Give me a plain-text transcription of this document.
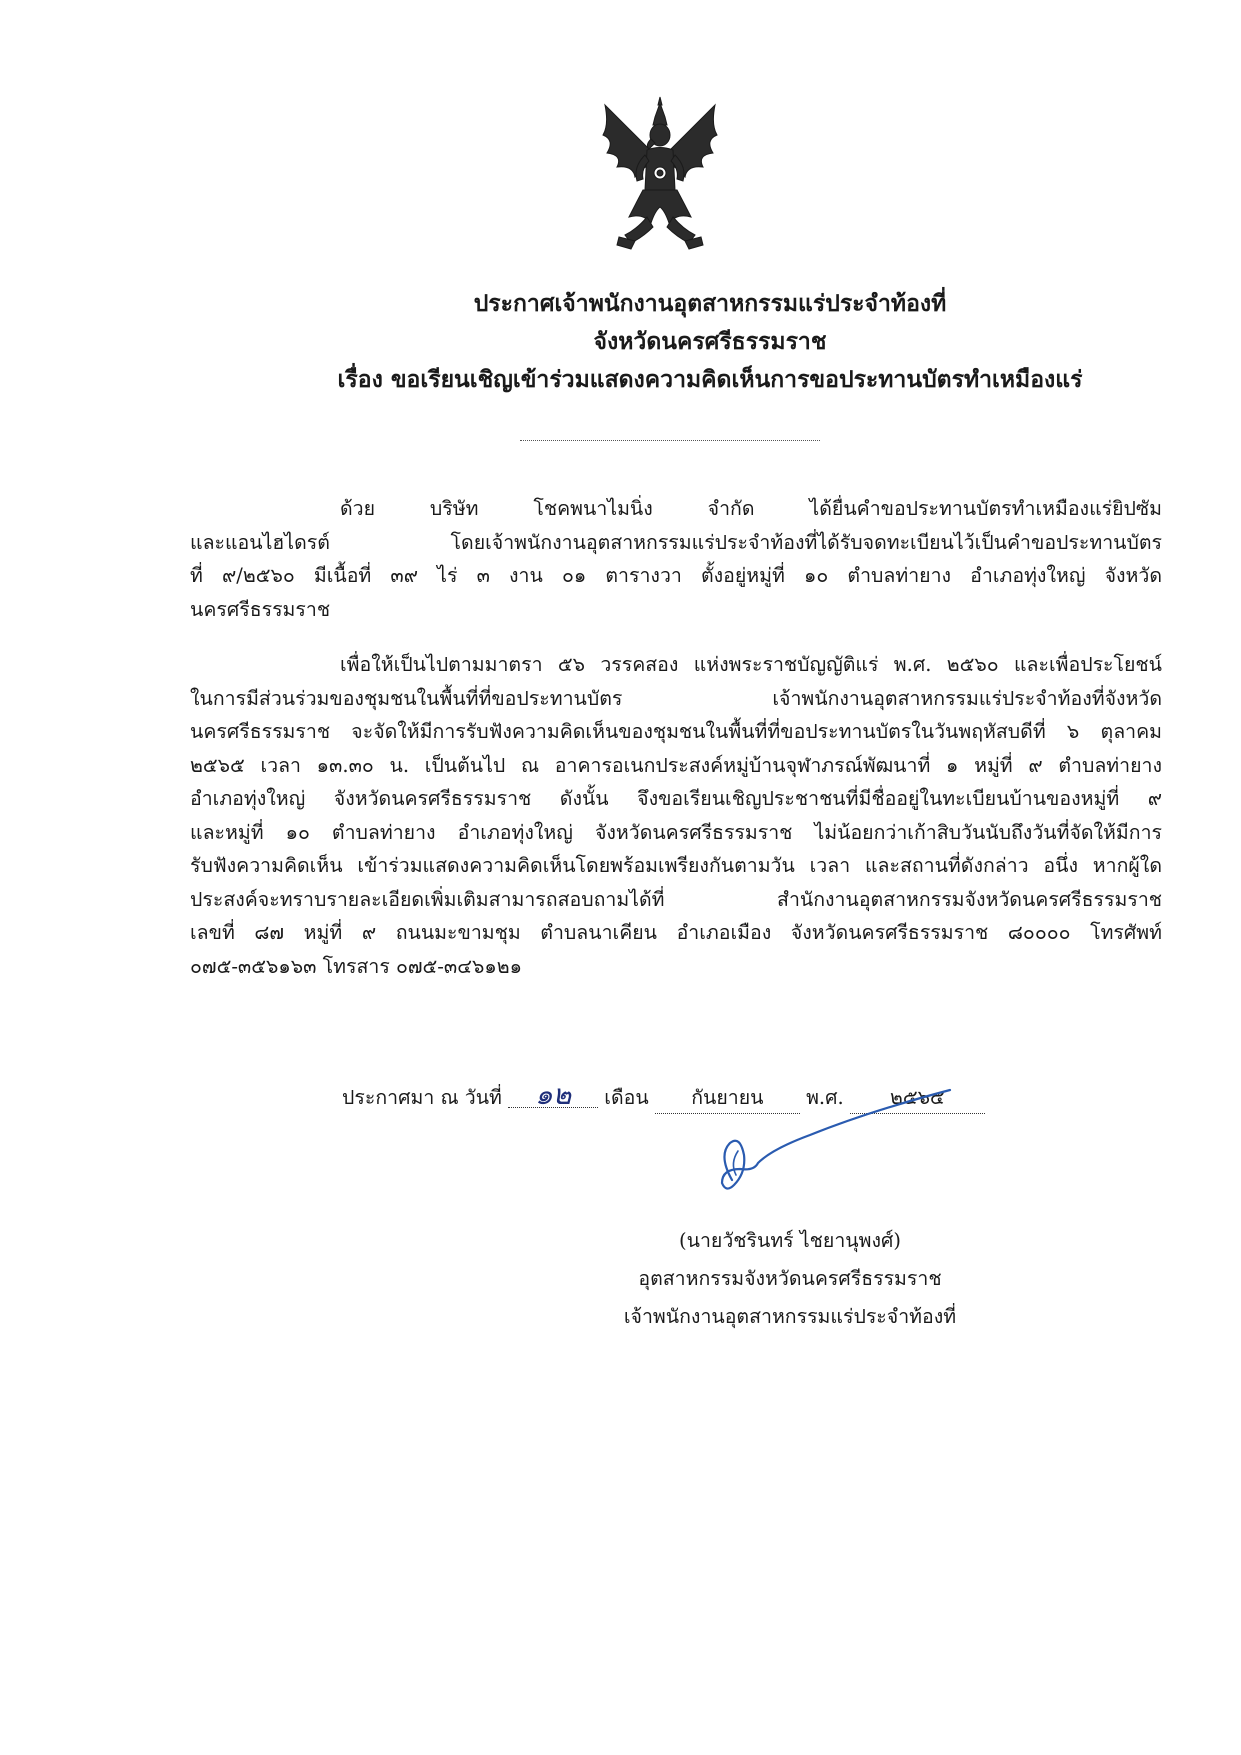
ประกาศเจ้าพนักงานอุตสาหกรรมแร่ประจำท้องที่
จังหวัดนครศรีธรรมราช
เรื่อง ขอเรียนเชิญเข้าร่วมแสดงความคิดเห็นการขอประทานบัตรทำเหมืองแร่
ด้วย บริษัท โชคพนาไมนิ่ง จำกัด ได้ยื่นคำขอประทานบัตรทำเหมืองแร่ยิปซัม
และแอนไฮไดรต์ โดยเจ้าพนักงานอุตสาหกรรมแร่ประจำท้องที่ได้รับจดทะเบียนไว้เป็นคำขอประทานบัตร
ที่ ๙/๒๕๖๐ มีเนื้อที่ ๓๙ ไร่ ๓ งาน ๐๑ ตารางวา ตั้งอยู่หมู่ที่ ๑๐ ตำบลท่ายาง อำเภอทุ่งใหญ่ จังหวัด
นครศรีธรรมราช
เพื่อให้เป็นไปตามมาตรา ๕๖ วรรคสอง แห่งพระราชบัญญัติแร่ พ.ศ. ๒๕๖๐ และเพื่อประโยชน์
ในการมีส่วนร่วมของชุมชนในพื้นที่ที่ขอประทานบัตร เจ้าพนักงานอุตสาหกรรมแร่ประจำท้องที่จังหวัด
นครศรีธรรมราช จะจัดให้มีการรับฟังความคิดเห็นของชุมชนในพื้นที่ที่ขอประทานบัตรในวันพฤหัสบดีที่ ๖ ตุลาคม
๒๕๖๕ เวลา ๑๓.๓๐ น. เป็นต้นไป ณ อาคารอเนกประสงค์หมู่บ้านจุฬาภรณ์พัฒนาที่ ๑ หมู่ที่ ๙ ตำบลท่ายาง
อำเภอทุ่งใหญ่ จังหวัดนครศรีธรรมราช ดังนั้น จึงขอเรียนเชิญประชาชนที่มีชื่ออยู่ในทะเบียนบ้านของหมู่ที่ ๙
และหมู่ที่ ๑๐ ตำบลท่ายาง อำเภอทุ่งใหญ่ จังหวัดนครศรีธรรมราช ไม่น้อยกว่าเก้าสิบวันนับถึงวันที่จัดให้มีการ
รับฟังความคิดเห็น เข้าร่วมแสดงความคิดเห็นโดยพร้อมเพรียงกันตามวัน เวลา และสถานที่ดังกล่าว อนึ่ง หากผู้ใด
ประสงค์จะทราบรายละเอียดเพิ่มเติมสามารถสอบถามได้ที่ สำนักงานอุตสาหกรรมจังหวัดนครศรีธรรมราช
เลขที่ ๘๗ หมู่ที่ ๙ ถนนมะขามชุม ตำบลนาเคียน อำเภอเมือง จังหวัดนครศรีธรรมราช ๘๐๐๐๐ โทรศัพท์
๐๗๕-๓๕๖๑๖๓ โทรสาร ๐๗๕-๓๔๖๑๒๑
ประกาศมา ณ วันที่ ๑๒ เดือน กันยายน พ.ศ. ๒๕๖๕
(นายวัชรินทร์ ไชยานุพงศ์)
อุตสาหกรรมจังหวัดนครศรีธรรมราช
เจ้าพนักงานอุตสาหกรรมแร่ประจำท้องที่
